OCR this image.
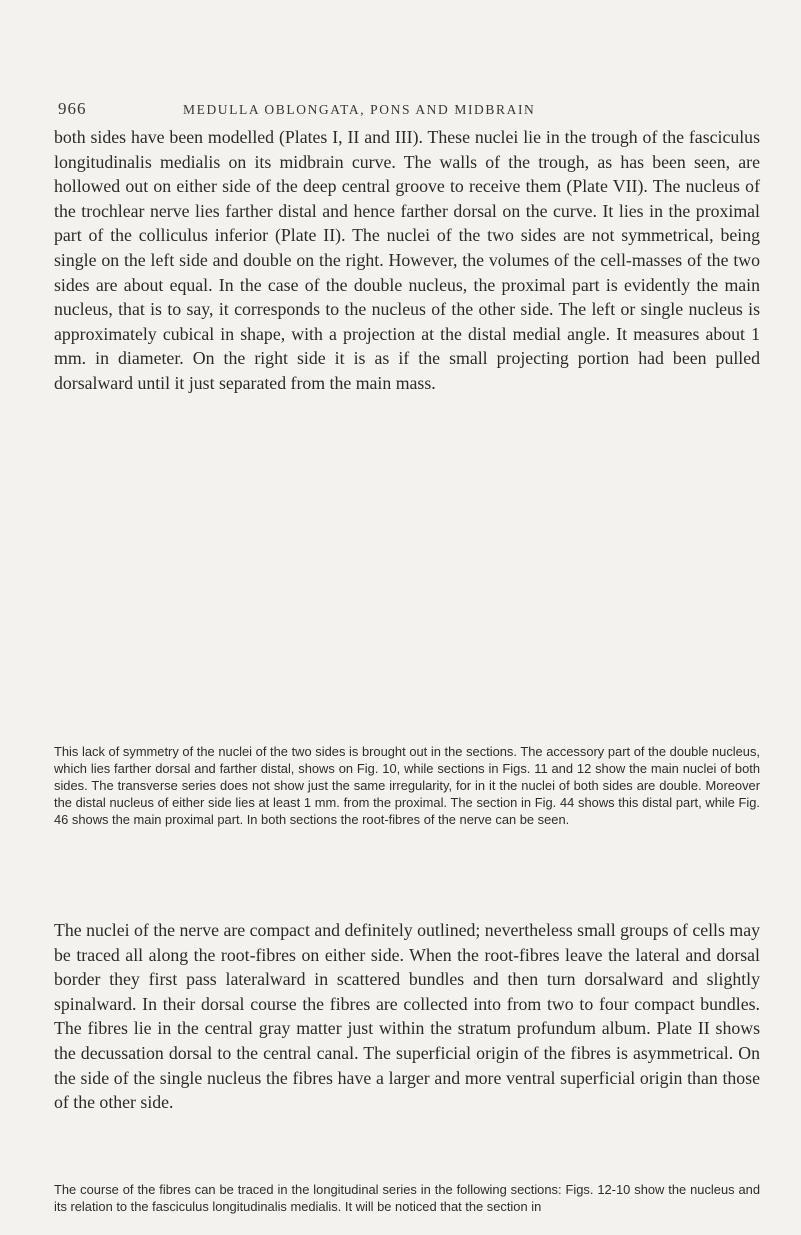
966	MEDULLA OBLONGATA, PONS AND MIDBRAIN

both sides have been modelled (Plates I, II and III). These nuclei lie in the trough of the fasciculus longitudinalis medialis on its midbrain curve. The walls of the trough, as has been seen, are hollowed out on either side of the deep central groove to receive them (Plate VII). The nucleus of the trochlear nerve lies farther distal and hence farther dorsal on the curve. It lies in the proximal part of the colliculus inferior (Plate II). The nuclei of the two sides are not symmetrical, being single on the left side and double on the right. However, the volumes of the cell-masses of the two sides are about equal. In the case of the double nucleus, the proximal part is evidently the main nucleus, that is to say, it corresponds to the nucleus of the other side. The left or single nucleus is approximately cubical in shape, with a projection at the distal medial angle. It measures about 1 mm. in diameter. On the right side it is as if the small projecting portion had been pulled dorsalward until it just separated from the main mass.

This lack of symmetry of the nuclei of the two sides is brought out in the sections. The accessory part of the double nucleus, which lies farther dorsal and farther distal, shows on Fig. 10, while sections in Figs. 11 and 12 show the main nuclei of both sides. The transverse series does not show just the same irregularity, for in it the nuclei of both sides are double. Moreover the distal nucleus of either side lies at least 1 mm. from the proximal. The section in Fig. 44 shows this distal part, while Fig. 46 shows the main proximal part. In both sections the root-fibres of the nerve can be seen.

The nuclei of the nerve are compact and definitely outlined; nevertheless small groups of cells may be traced all along the root-fibres on either side. When the root-fibres leave the lateral and dorsal border they first pass lateralward in scattered bundles and then turn dorsalward and slightly spinalward. In their dorsal course the fibres are collected into from two to four compact bundles. The fibres lie in the central gray matter just within the stratum profundum album. Plate II shows the decussation dorsal to the central canal. The superficial origin of the fibres is asymmetrical. On the side of the single nucleus the fibres have a larger and more ventral superficial origin than those of the other side.

The course of the fibres can be traced in the longitudinal series in the following sections: Figs. 12-10 show the nucleus and its relation to the fasciculus longitudinalis medialis. It will be noticed that the section in
